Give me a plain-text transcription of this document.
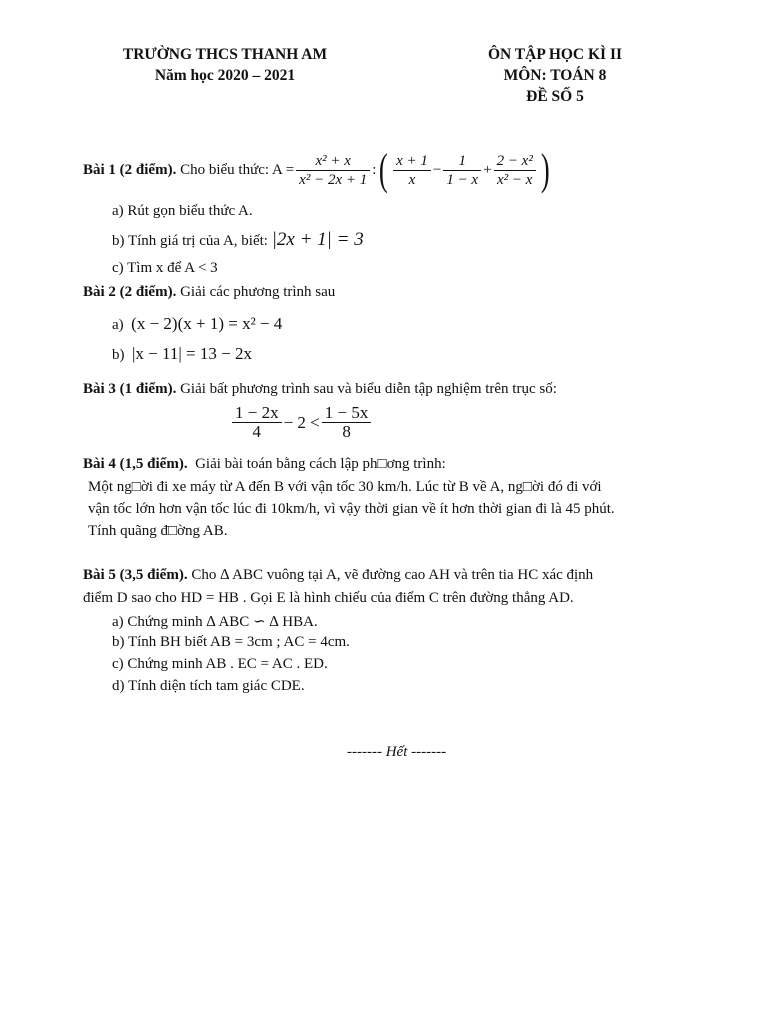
TRƯỜNG THCS THANH AM
Năm học 2020 – 2021
ÔN TẬP HỌC KÌ II
MÔN: TOÁN 8
ĐỀ SỐ 5
Bài 1 (2 điểm).
Cho biểu thức: $A = \frac{\text{x² + x}}{\text{x² − 2x + 1}}$ : ( $\frac{x + 1}{x} - \frac{1}{1 - x} + \frac{\text{2 − x²}}{\text{x² − x}}$ )
a) Rút gọn biểu thức A.
b) Tính giá trị của A, biết: |2x + 1| = 3
c) Tìm x để A < 3
Bài 2 (2 điểm). Giải các phương trình sau
a) (x − 2)(x + 1) = x² − 4
b) |x − 11| = 13 − 2x
Bài 3 (1 điểm). Giải bất phương trình sau và biểu diễn tập nghiệm trên trục số:
$\frac{1 - 2x}{4} - 2 < \frac{1 - 5x}{8}$
Bài 4 (1,5 điểm). Giải bài toán bằng cách lập ph□ơng trình:
Một ng□ời đi xe máy từ A đến B với vận tốc 30 km/h. Lúc từ B về A, ng□ời đó đi với
vận tốc lớn hơn vận tốc lúc đi 10km/h, vì vậy thời gian về ít hơn thời gian đi là 45 phút.
Tính quãng đ□ờng AB.
Bài 5 (3,5 điểm). Cho ∆ ABC vuông tại A, vẽ đường cao AH và trên tia HC xác định
điểm D sao cho HD = HB . Gọi E là hình chiếu của điểm C trên đường thẳng AD.
a) Chứng minh ∆ ABC ∽ ∆ HBA.
b) Tính BH biết AB = 3cm ; AC = 4cm.
c) Chứng minh AB . EC = AC . ED.
d) Tính diện tích tam giác CDE.
------- Hết -------
